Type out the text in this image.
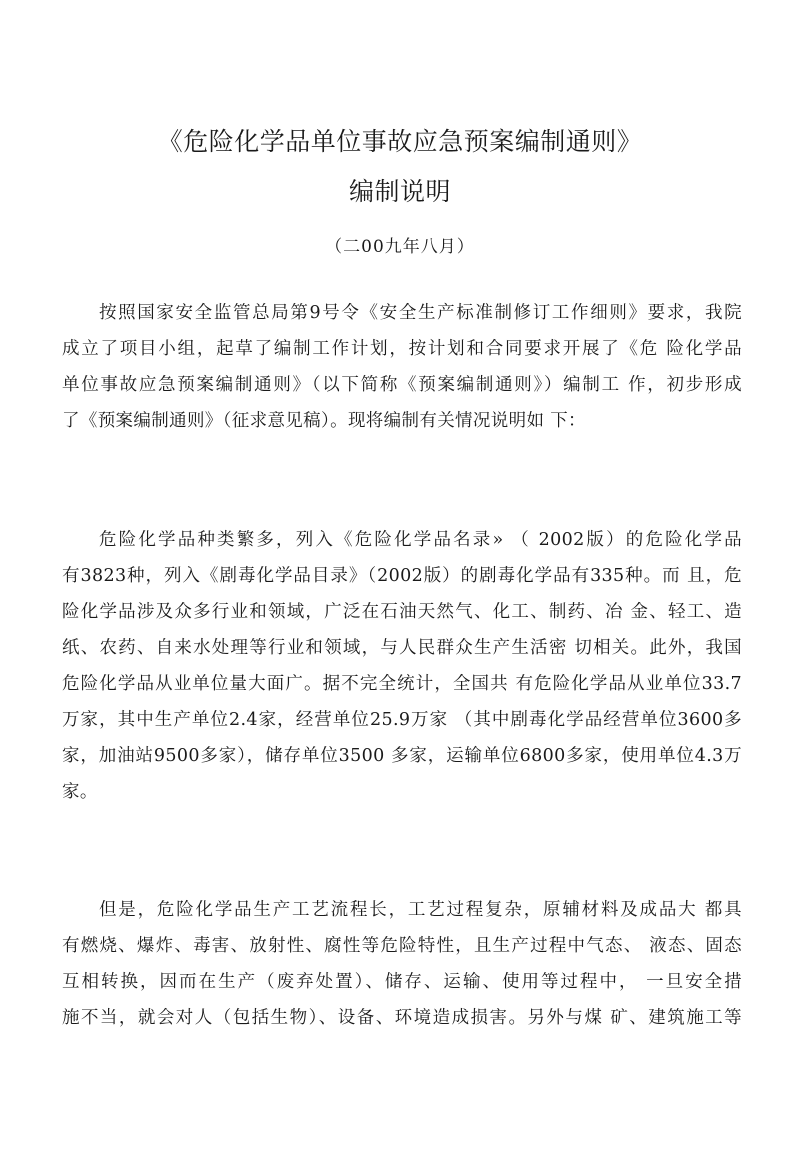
《危险化学品单位事故应急预案编制通则》
编制说明
（二00九年八月）
按照国家安全监管总局第9号令《安全生产标准制修订工作细则》要求，我院
成立了项目小组，起草了编制工作计划，按计划和合同要求开展了《危 险化学品
单位事故应急预案编制通则》（以下简称《预案编制通则》）编制工 作，初步形成
了《预案编制通则》（征求意见稿）。现将编制有关情况说明如 下：
危险化学品种类繁多，列入《危险化学品名录» （ 2002版）的危险化学品
有3823种，列入《剧毒化学品目录》（2002版）的剧毒化学品有335种。而 且，危
险化学品涉及众多行业和领域，广泛在石油天然气、化工、制药、冶 金、轻工、造
纸、农药、自来水处理等行业和领域，与人民群众生产生活密 切相关。此外，我国
危险化学品从业单位量大面广。据不完全统计，全国共 有危险化学品从业单位33.7
万家，其中生产单位2.4家，经营单位25.9万家 （其中剧毒化学品经营单位3600多
家，加油站9500多家），储存单位3500 多家，运输单位6800多家，使用单位4.3万
家。
但是，危险化学品生产工艺流程长，工艺过程复杂，原辅材料及成品大 都具
有燃烧、爆炸、毒害、放射性、腐性等危险特性，且生产过程中气态、 液态、固态
互相转换，因而在生产（废弃处置）、储存、运输、使用等过程中， 一旦安全措
施不当，就会对人（包括生物）、设备、环境造成损害。另外与煤 矿、建筑施工等
